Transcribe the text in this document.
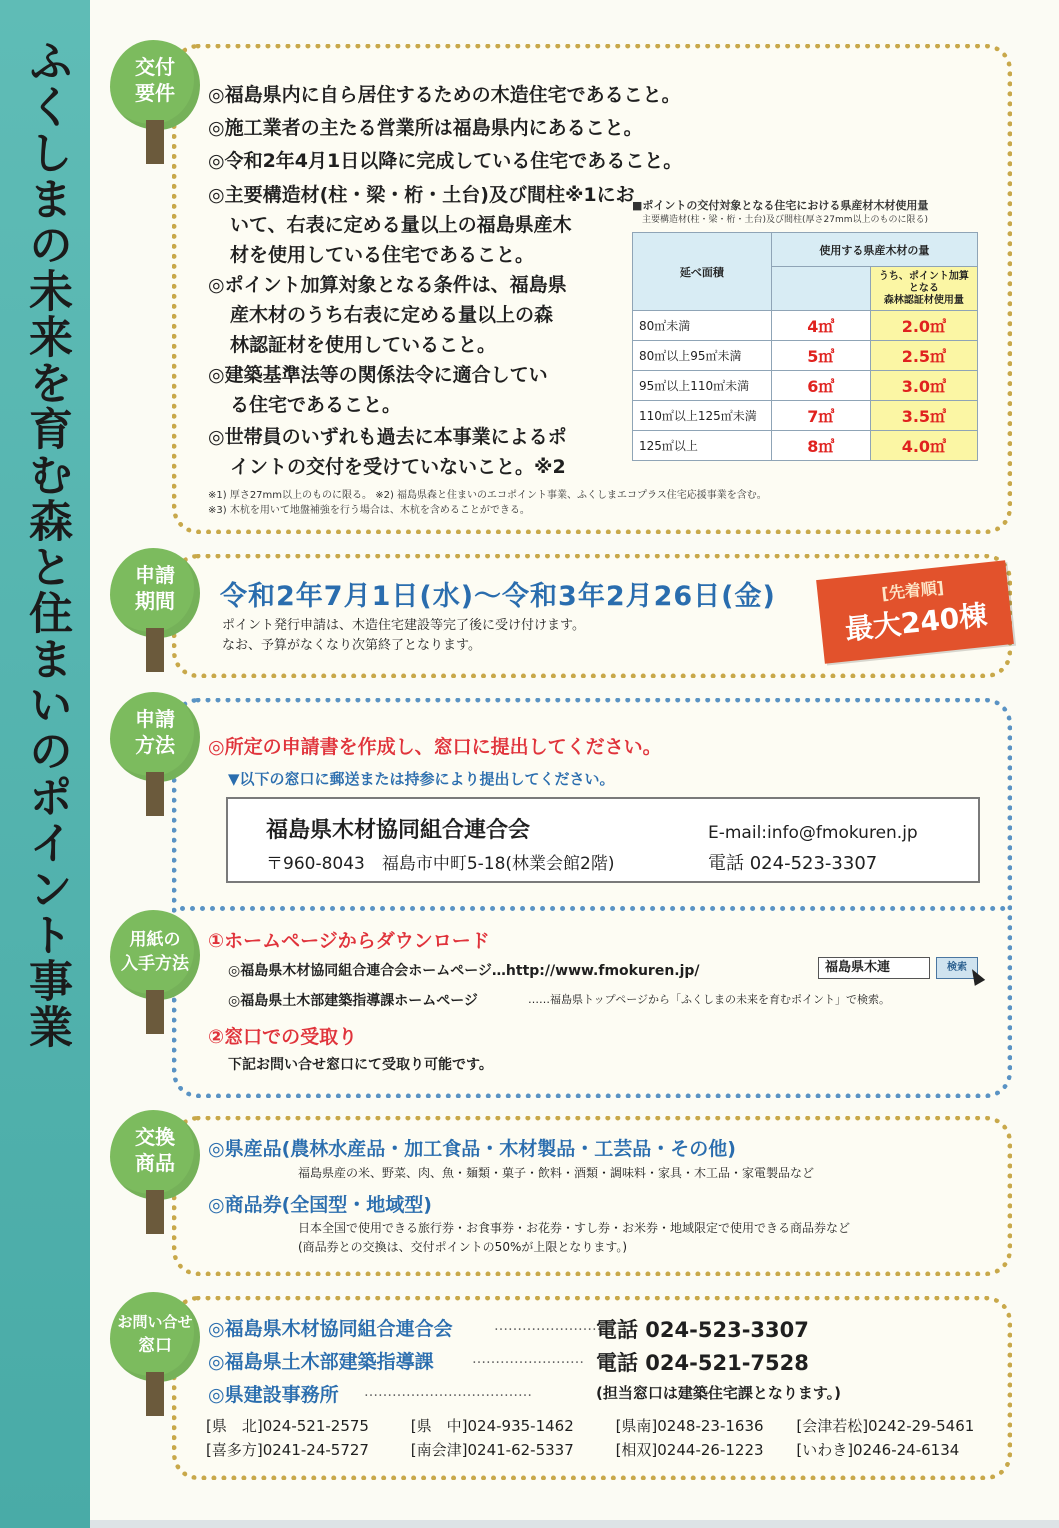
ふくしまの未来を育む森と住まいのポイント事業	交付
要件	◎福島県内に自ら居住するための木造住宅であること。
◎施工業者の主たる営業所は福島県内にあること。
◎令和2年4月1日以降に完成している住宅であること。
◎主要構造材(柱・梁・桁・土台)及び間柱※1にお
いて、右表に定める量以上の福島県産木
材を使用している住宅であること。
◎ポイント加算対象となる条件は、福島県
産木材のうち右表に定める量以上の森
林認証材を使用していること。
◎建築基準法等の関係法令に適合してい
る住宅であること。
◎世帯員のいずれも過去に本事業によるポ
イントの交付を受けていないこと。※2
■ポイントの交付対象となる住宅における県産材木材使用量
主要構造材(柱・梁・桁・土台)及び間柱(厚さ27mm以上のものに限る)
延べ面積	使用する県産木材の量	

		うち、ポイント加算
となる
森林認証材使用量

80㎡未満	4㎥	2.0㎥
80㎡以上95㎡未満	5㎥	2.5㎥
95㎡以上110㎡未満	6㎥	3.0㎥
110㎡以上125㎡未満	7㎥	3.5㎥
125㎡以上	8㎥	4.0㎥
※1) 厚さ27mm以上のものに限る。 ※2) 福島県森と住まいのエコポイント事業、ふくしまエコプラス住宅応援事業を含む。
※3) 木杭を用いて地盤補強を行う場合は、木杭を含めることができる。
申請
期間	令和2年7月1日(水)〜令和3年2月26日(金)
ポイント発行申請は、木造住宅建設等完了後に受け付けます。
なお、予算がなくなり次第終了となります。
[先着順]
最大240棟
申請
方法	◎所定の申請書を作成し、窓口に提出してください。
▼以下の窓口に郵送または持参により提出してください。
福島県木材協同組合連合会	E-mail:info@fmokuren.jp
〒960-8043　福島市中町5-18(林業会館2階)	電話 024-523-3307
用紙の
入手方法
①ホームページからダウンロード
◎福島県木材協同組合連合会ホームページ…http://www.fmokuren.jp/	福島県木連	検索
◎福島県土木部建築指導課ホームページ	……福島県トップページから「ふくしまの未来を育むポイント」で検索。
②窓口での受取り
下記お問い合せ窓口にて受取り可能です。
交換
商品
◎県産品(農林水産品・加工食品・木材製品・工芸品・その他)
福島県産の米、野菜、肉、魚・麺類・菓子・飲料・酒類・調味料・家具・木工品・家電製品など
◎商品券(全国型・地域型)
日本全国で使用できる旅行券・お食事券・お花券・すし券・お米券・地域限定で使用できる商品券など
(商品券との交換は、交付ポイントの50%が上限となります。)
お問い合せ
窓口
◎福島県木材協同組合連合会	……………………
電話 024-523-3307
◎福島県土木部建築指導課	…………………… 電話 024-521-7528
◎県建設事務所 ………………………………	(担当窓口は建築住宅課となります。)
[県　北]024-521-2575	[県　中]024-935-1462	[県南]0248-23-1636 [会津若松]0242-29-5461
[喜多方]0241-24-5727	[南会津]0241-62-5337	[相双]0244-26-1223 [いわき]0246-24-6134
